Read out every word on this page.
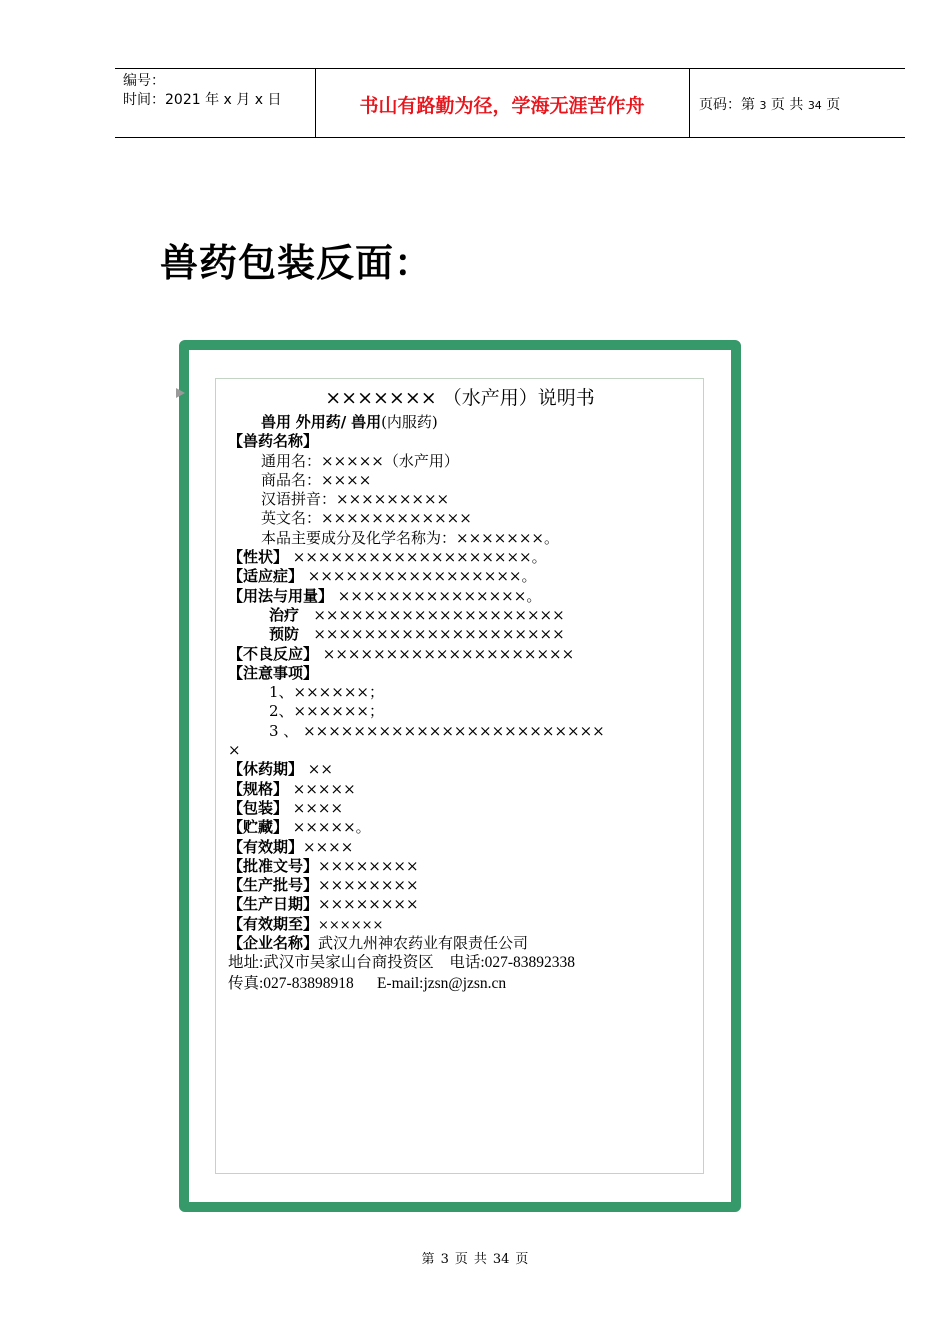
编号：
时间：2021 年 x 月 x 日	书山有路勤为径，学海无涯苦作舟	页码：第 3 页 共 34 页
兽药包装反面：
××××××× （水产用）说明书
兽用 外用药/ 兽用(内服药)
【兽药名称】
通用名：×××××（水产用）
商品名：××××
汉语拼音：×××××××××
英文名：××××××××××××
本品主要成分及化学名称为：×××××××。
【性状】 ×××××××××××××××××××。
【适应症】 ×××××××××××××××××。
【用法与用量】 ×××××××××××××××。
治疗 ××××××××××××××××××××
预防 ××××××××××××××××××××
【不良反应】 ××××××××××××××××××××
【注意事项】
1、××××××；
2、××××××；
3 、 ××××××××××××××××××××××××
×
【休药期】 ××
【规格】 ×××××
【包装】 ××××
【贮藏】 ×××××。
【有效期】××××
【批准文号】××××××××
【生产批号】××××××××
【生产日期】××××××××
【有效期至】××××××
【企业名称】武汉九州神农药业有限责任公司
地址:武汉市吴家山台商投资区 电话:027-83892338
传真:027-83898918 E-mail:jzsn@jzsn.cn
第 3 页 共 34 页
